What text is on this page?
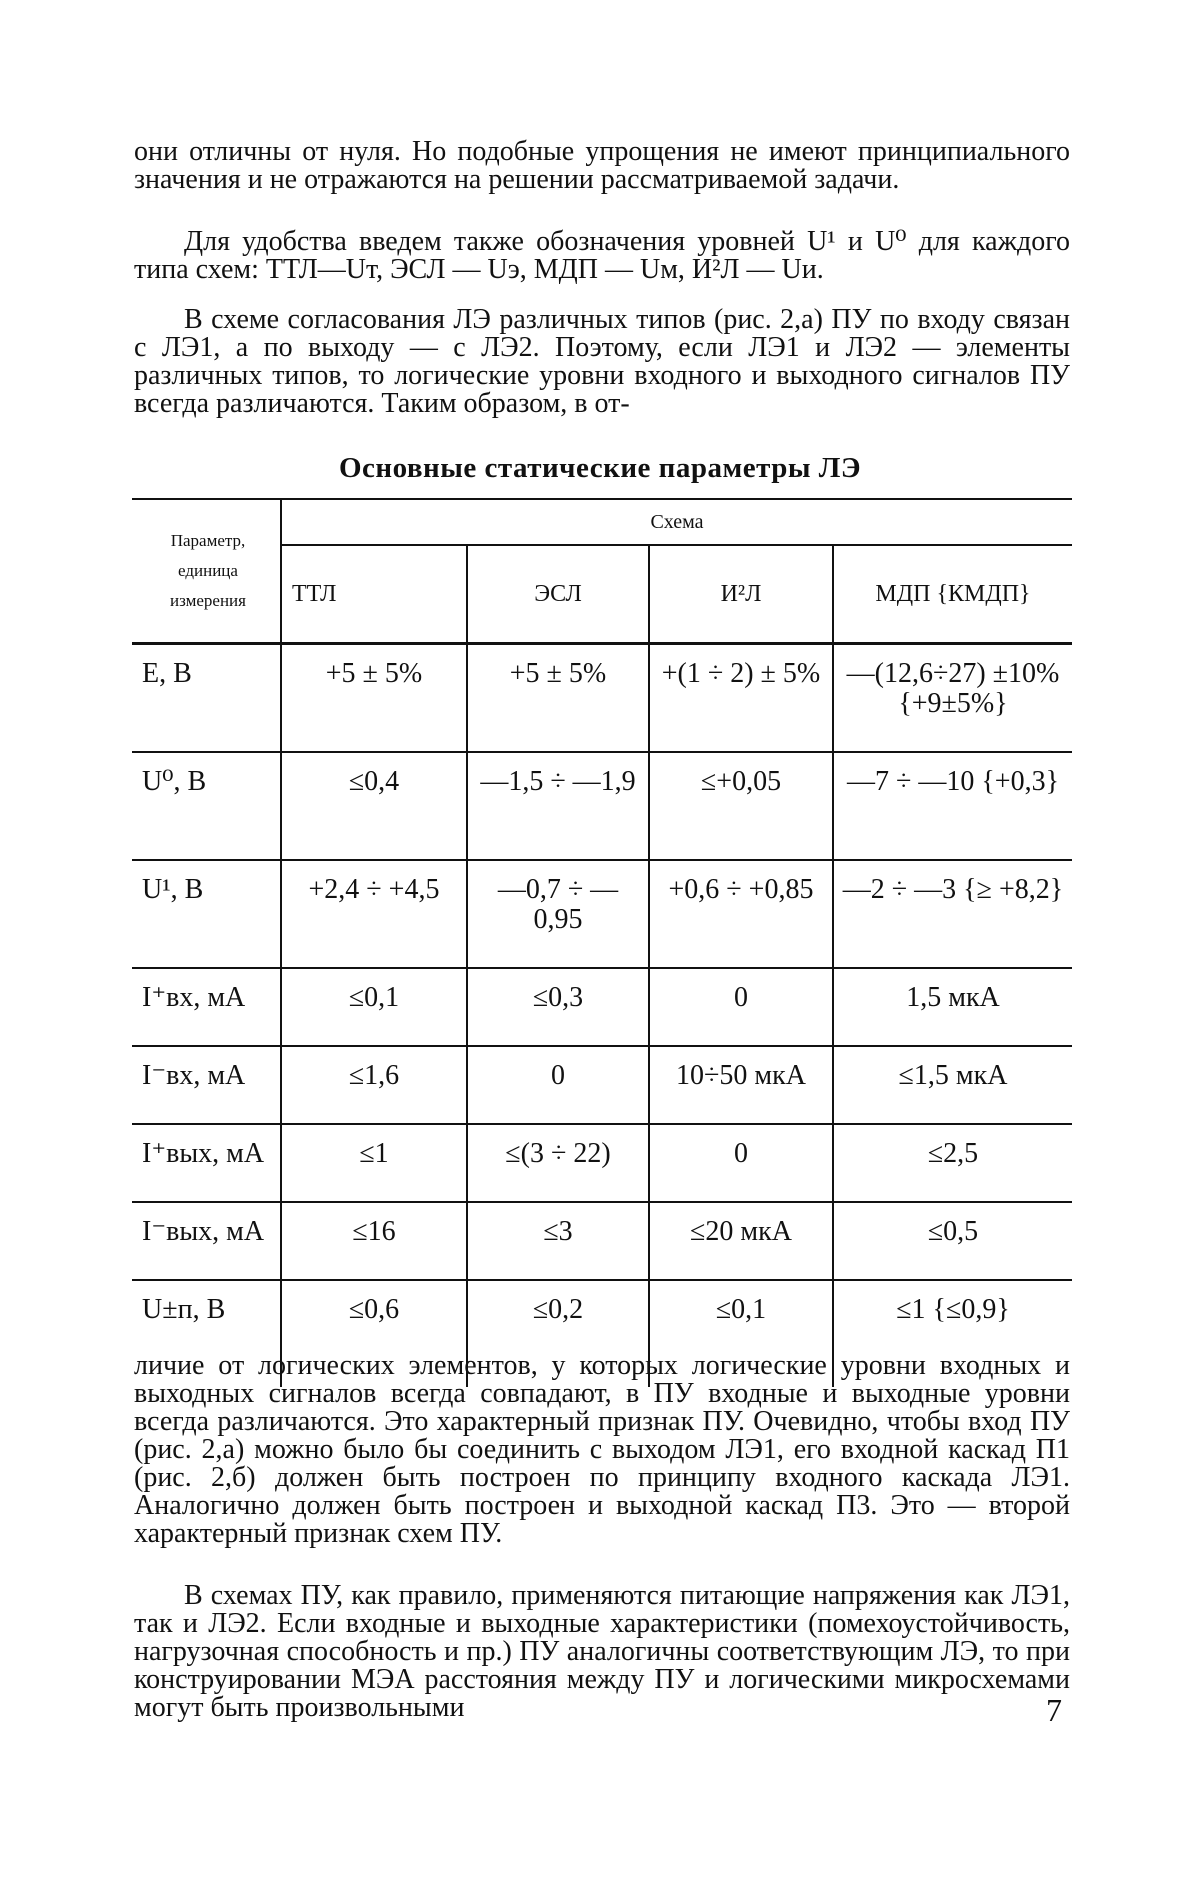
они отличны от нуля. Но подобные упрощения не имеют принципиального значения и не отражаются на решении рассматриваемой задачи.

Для удобства введем также обозначения уровней U¹ и U⁰ для каждого типа схем: ТТЛ—Uт, ЭСЛ — Uэ, МДП — Uм, И²Л — Uи.

В схеме согласования ЛЭ различных типов (рис. 2,а) ПУ по входу связан с ЛЭ1, а по выходу — с ЛЭ2. Поэтому, если ЛЭ1 и ЛЭ2 — элементы различных типов, то логические уровни входного и выходного сигналов ПУ всегда различаются. Таким образом, в от-

Основные статические параметры ЛЭ
Параметр, единица измерения	Схема
ТТЛ	ЭСЛ	И²Л	МДП {КМДП}
E, В	+5 ± 5%	+5 ± 5%	+(1 ÷ 2) ± 5%	—(12,6÷27) ±10% {+9±5%}
U⁰, В	≤0,4	—1,5 ÷ —1,9	≤+0,05	—7 ÷ —10 {+0,3}
U¹, В	+2,4 ÷ +4,5	—0,7 ÷ —0,95	+0,6 ÷ +0,85	—2 ÷ —3 {≥ +8,2}
I⁺вх, мА	≤0,1	≤0,3	0	1,5 мкА
I⁻вх, мА	≤1,6	0	10÷50 мкА	≤1,5 мкА
I⁺вых, мА	≤1	≤(3 ÷ 22)	0	≤2,5
I⁻вых, мА	≤16	≤3	≤20 мкА	≤0,5
U±п, В	≤0,6	≤0,2	≤0,1	≤1 {≤0,9}

личие от логических элементов, у которых логические уровни входных и выходных сигналов всегда совпадают, в ПУ входные и выходные уровни всегда различаются. Это характерный признак ПУ. Очевидно, чтобы вход ПУ (рис. 2,а) можно было бы соединить с выходом ЛЭ1, его входной каскад П1 (рис. 2,б) должен быть построен по принципу входного каскада ЛЭ1. Аналогично должен быть построен и выходной каскад П3. Это — второй характерный признак схем ПУ.

В схемах ПУ, как правило, применяются питающие напряжения как ЛЭ1, так и ЛЭ2. Если входные и выходные характеристики (помехоустойчивость, нагрузочная способность и пр.) ПУ аналогичны соответствующим ЛЭ, то при конструировании МЭА расстояния между ПУ и логическими микросхемами могут быть произвольными	7
